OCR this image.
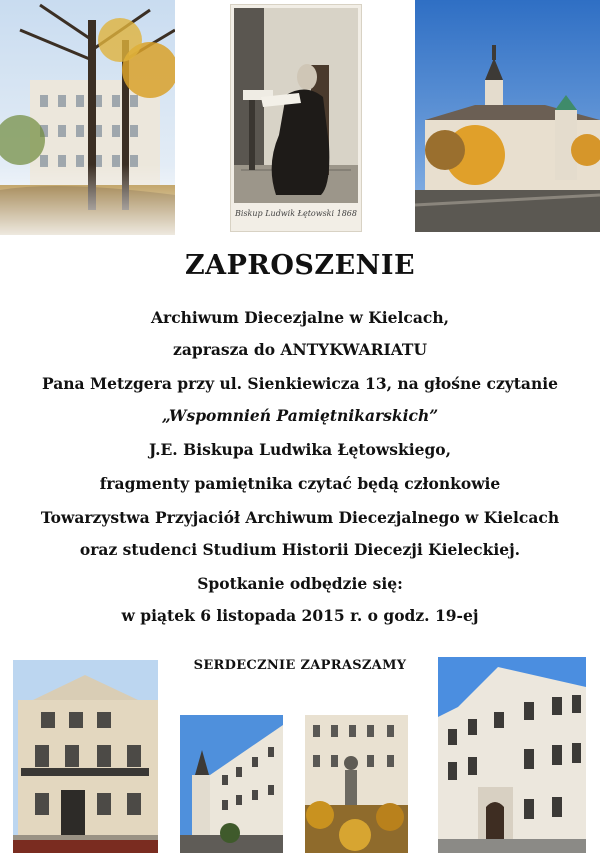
Biskup Ludwik Łętowski 1868
ZAPROSZENIE
Archiwum Diecezjalne w Kielcach,
zaprasza do ANTYKWARIATU
Pana Metzgera przy ul. Sienkiewicza 13, na głośne czytanie
„Wspomnień Pamiętnikarskich”
J.E. Biskupa Ludwika Łętowskiego,
fragmenty pamiętnika czytać będą członkowie
Towarzystwa Przyjaciół Archiwum Diecezjalnego w Kielcach
oraz studenci Studium Historii Diecezji Kieleckiej.
Spotkanie odbędzie się:
w piątek 6 listopada 2015 r. o godz. 19-ej
SERDECZNIE ZAPRASZAMY
